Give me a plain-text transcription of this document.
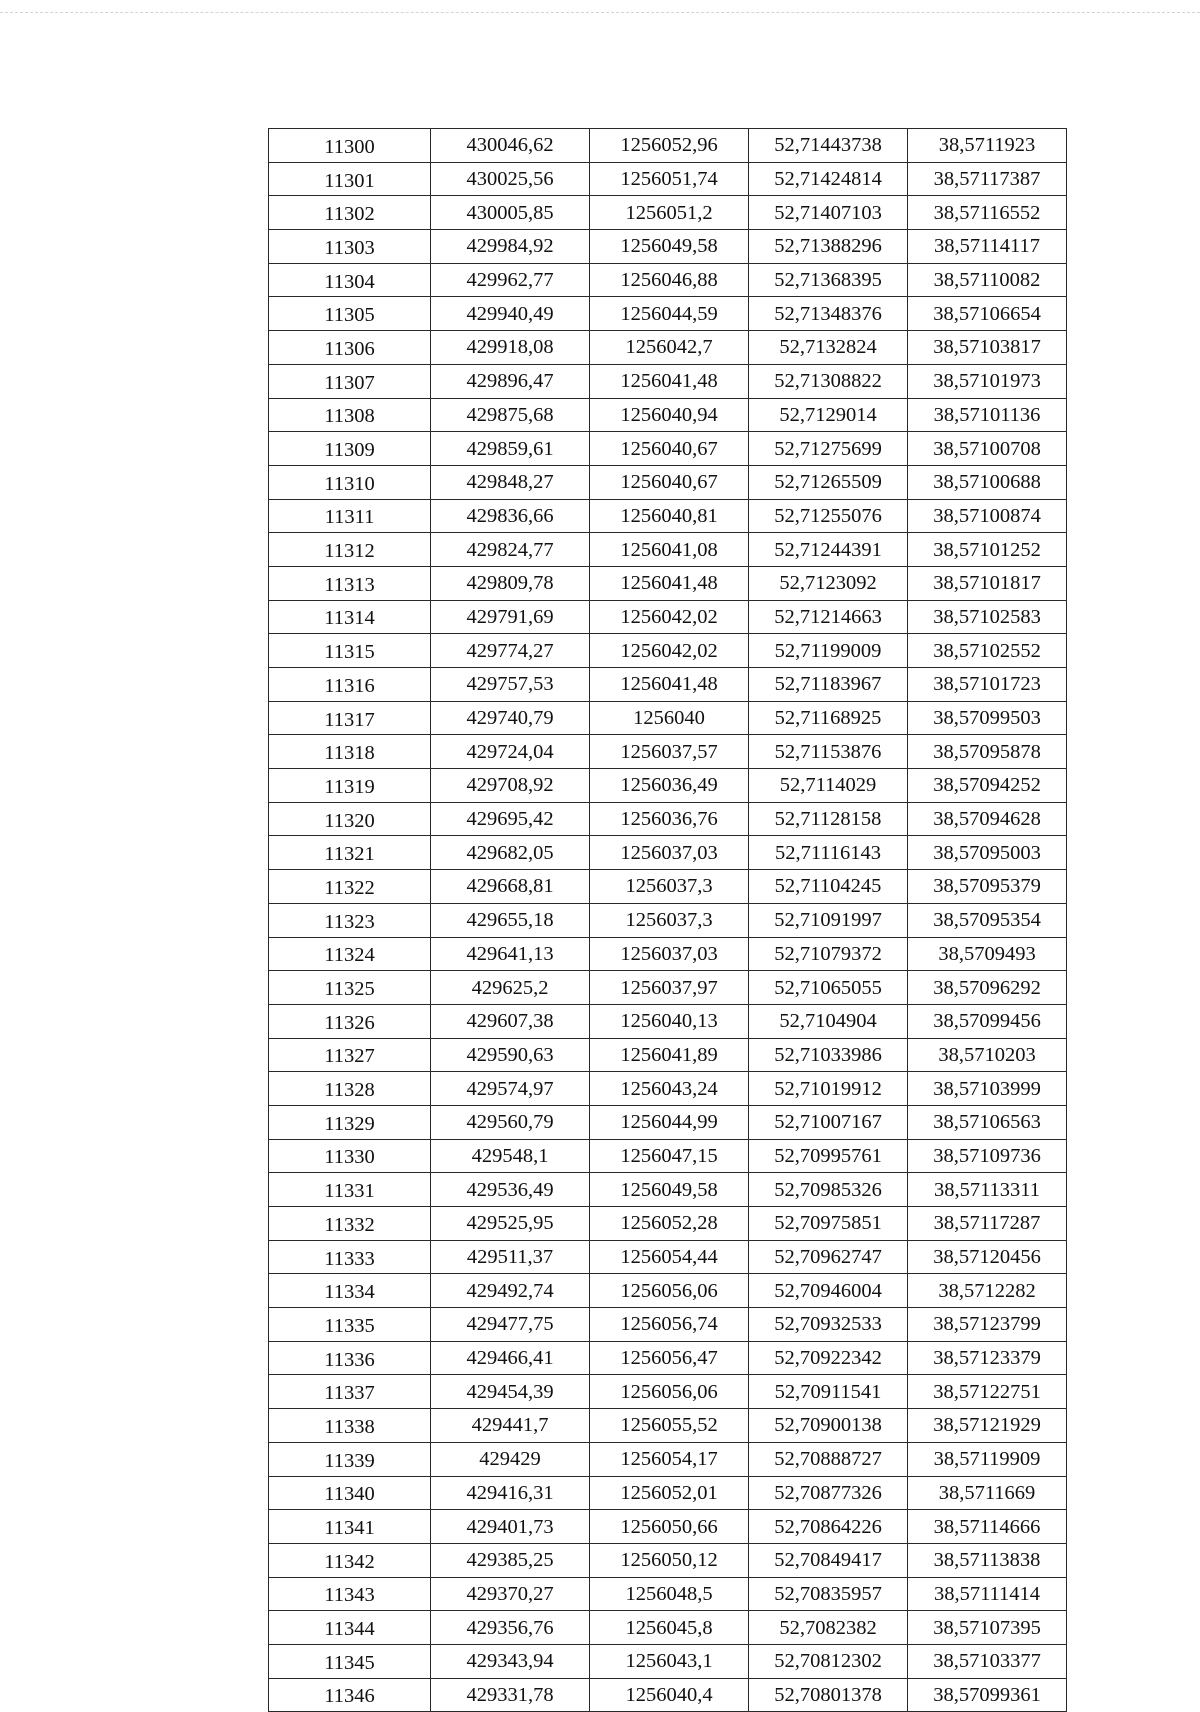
11300	430046,62	1256052,96	52,71443738	38,5711923
11301	430025,56	1256051,74	52,71424814	38,57117387
11302	430005,85	1256051,2	52,71407103	38,57116552
11303	429984,92	1256049,58	52,71388296	38,57114117
11304	429962,77	1256046,88	52,71368395	38,57110082
11305	429940,49	1256044,59	52,71348376	38,57106654
11306	429918,08	1256042,7	52,7132824	38,57103817
11307	429896,47	1256041,48	52,71308822	38,57101973
11308	429875,68	1256040,94	52,7129014	38,57101136
11309	429859,61	1256040,67	52,71275699	38,57100708
11310	429848,27	1256040,67	52,71265509	38,57100688
11311	429836,66	1256040,81	52,71255076	38,57100874
11312	429824,77	1256041,08	52,71244391	38,57101252
11313	429809,78	1256041,48	52,7123092	38,57101817
11314	429791,69	1256042,02	52,71214663	38,57102583
11315	429774,27	1256042,02	52,71199009	38,57102552
11316	429757,53	1256041,48	52,71183967	38,57101723
11317	429740,79	1256040	52,71168925	38,57099503
11318	429724,04	1256037,57	52,71153876	38,57095878
11319	429708,92	1256036,49	52,7114029	38,57094252
11320	429695,42	1256036,76	52,71128158	38,57094628
11321	429682,05	1256037,03	52,71116143	38,57095003
11322	429668,81	1256037,3	52,71104245	38,57095379
11323	429655,18	1256037,3	52,71091997	38,57095354
11324	429641,13	1256037,03	52,71079372	38,5709493
11325	429625,2	1256037,97	52,71065055	38,57096292
11326	429607,38	1256040,13	52,7104904	38,57099456
11327	429590,63	1256041,89	52,71033986	38,5710203
11328	429574,97	1256043,24	52,71019912	38,57103999
11329	429560,79	1256044,99	52,71007167	38,57106563
11330	429548,1	1256047,15	52,70995761	38,57109736
11331	429536,49	1256049,58	52,70985326	38,57113311
11332	429525,95	1256052,28	52,70975851	38,57117287
11333	429511,37	1256054,44	52,70962747	38,57120456
11334	429492,74	1256056,06	52,70946004	38,5712282
11335	429477,75	1256056,74	52,70932533	38,57123799
11336	429466,41	1256056,47	52,70922342	38,57123379
11337	429454,39	1256056,06	52,70911541	38,57122751
11338	429441,7	1256055,52	52,70900138	38,57121929
11339	429429	1256054,17	52,70888727	38,57119909
11340	429416,31	1256052,01	52,70877326	38,5711669
11341	429401,73	1256050,66	52,70864226	38,57114666
11342	429385,25	1256050,12	52,70849417	38,57113838
11343	429370,27	1256048,5	52,70835957	38,57111414
11344	429356,76	1256045,8	52,7082382	38,57107395
11345	429343,94	1256043,1	52,70812302	38,57103377
11346	429331,78	1256040,4	52,70801378	38,57099361
